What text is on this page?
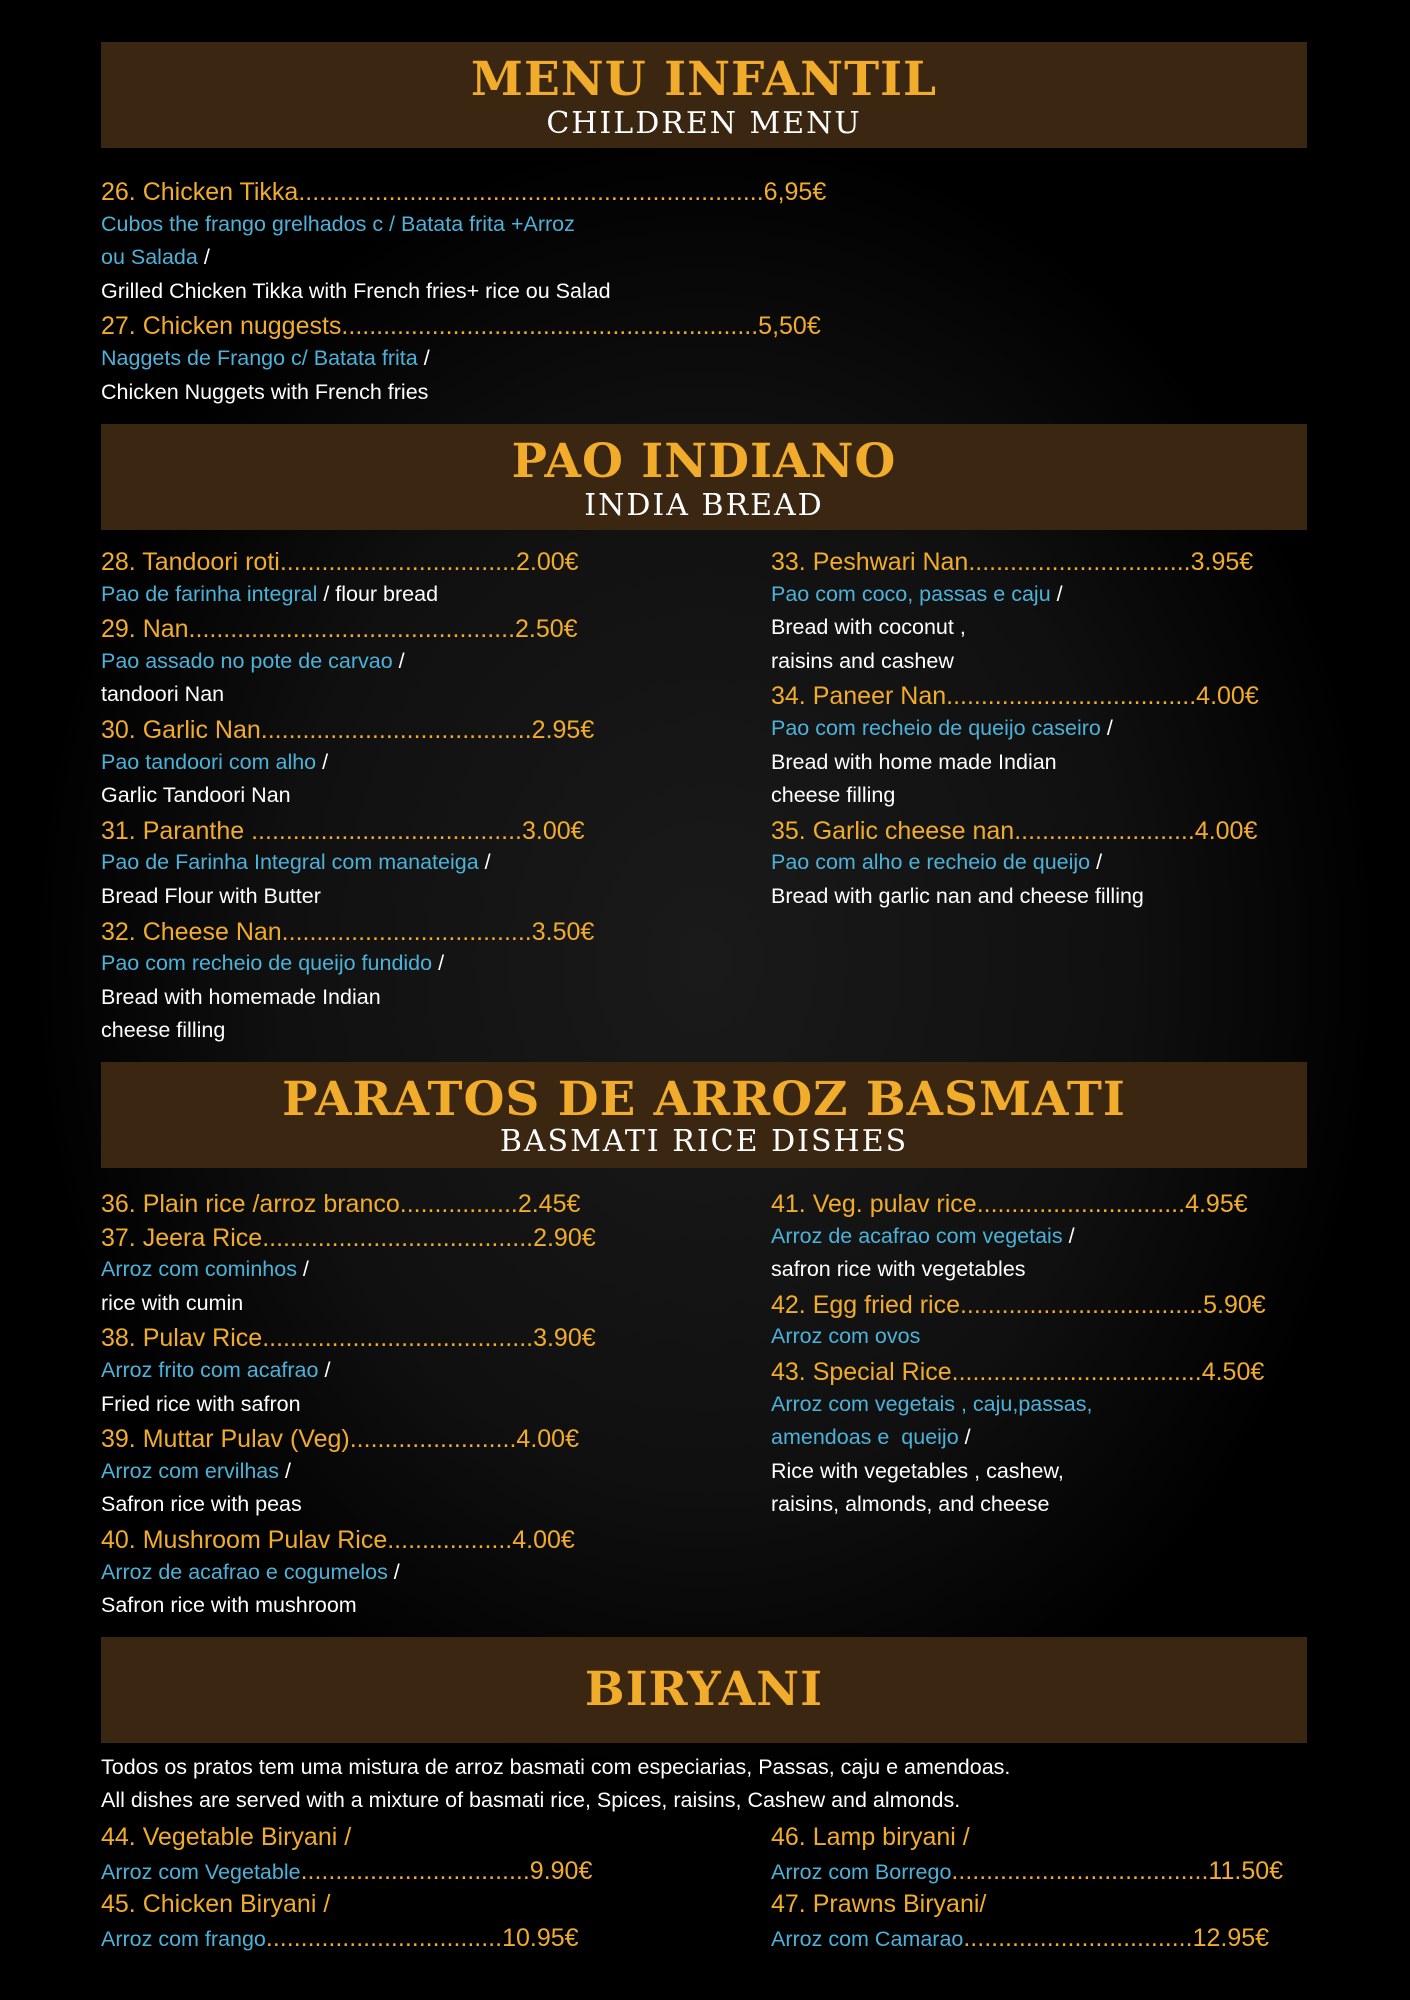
MENU INFANTIL
CHILDREN MENU
26. Chicken Tikka...................................................................6,95€
Cubos the frango grelhados c / Batata frita +Arroz
ou Salada /
Grilled Chicken Tikka with French fries+ rice ou Salad
27. Chicken nuggests............................................................5,50€
Naggets de Frango c/ Batata frita /
Chicken Nuggets with French fries
PAO INDIANO
INDIA BREAD
28. Tandoori roti..................................2.00€
Pao de farinha integral / flour bread
29. Nan...............................................2.50€
Pao assado no pote de carvao /
tandoori Nan
30. Garlic Nan.......................................2.95€
Pao tandoori com alho /
Garlic Tandoori Nan
31. Paranthe .......................................3.00€
Pao de Farinha Integral com manateiga /
Bread Flour with Butter
32. Cheese Nan....................................3.50€
Pao com recheio de queijo fundido /
Bread with homemade Indian
cheese filling
33. Peshwari Nan................................3.95€
Pao com coco, passas e caju /
Bread with coconut ,
raisins and cashew
34. Paneer Nan....................................4.00€
Pao com recheio de queijo caseiro /
Bread with home made Indian
cheese filling
35. Garlic cheese nan..........................4.00€
Pao com alho e recheio de queijo /
Bread with garlic nan and cheese filling
PARATOS DE ARROZ BASMATI
BASMATI RICE DISHES
36. Plain rice /arroz branco.................2.45€
37. Jeera Rice.......................................2.90€
Arroz com cominhos /
rice with cumin
38. Pulav Rice.......................................3.90€
Arroz frito com acafrao /
Fried rice with safron
39. Muttar Pulav (Veg)........................4.00€
Arroz com ervilhas /
Safron rice with peas
40. Mushroom Pulav Rice..................4.00€
Arroz de acafrao e cogumelos /
Safron rice with mushroom
41. Veg. pulav rice..............................4.95€
Arroz de acafrao com vegetais /
safron rice with vegetables
42. Egg fried rice...................................5.90€
Arroz com ovos
43. Special Rice....................................4.50€
Arroz com vegetais , caju,passas,
amendoas e  queijo /
Rice with vegetables , cashew,
raisins, almonds, and cheese
BIRYANI
Todos os pratos tem uma mistura de arroz basmati com especiarias, Passas, caju e amendoas.
All dishes are served with a mixture of basmati rice, Spices, raisins, Cashew and almonds.
44. Vegetable Biryani /
Arroz com Vegetable.................................9.90€
45. Chicken Biryani /
Arroz com frango..................................10.95€
46. Lamp biryani /
Arroz com Borrego.....................................11.50€
47. Prawns Biryani/
Arroz com Camarao.................................12.95€
